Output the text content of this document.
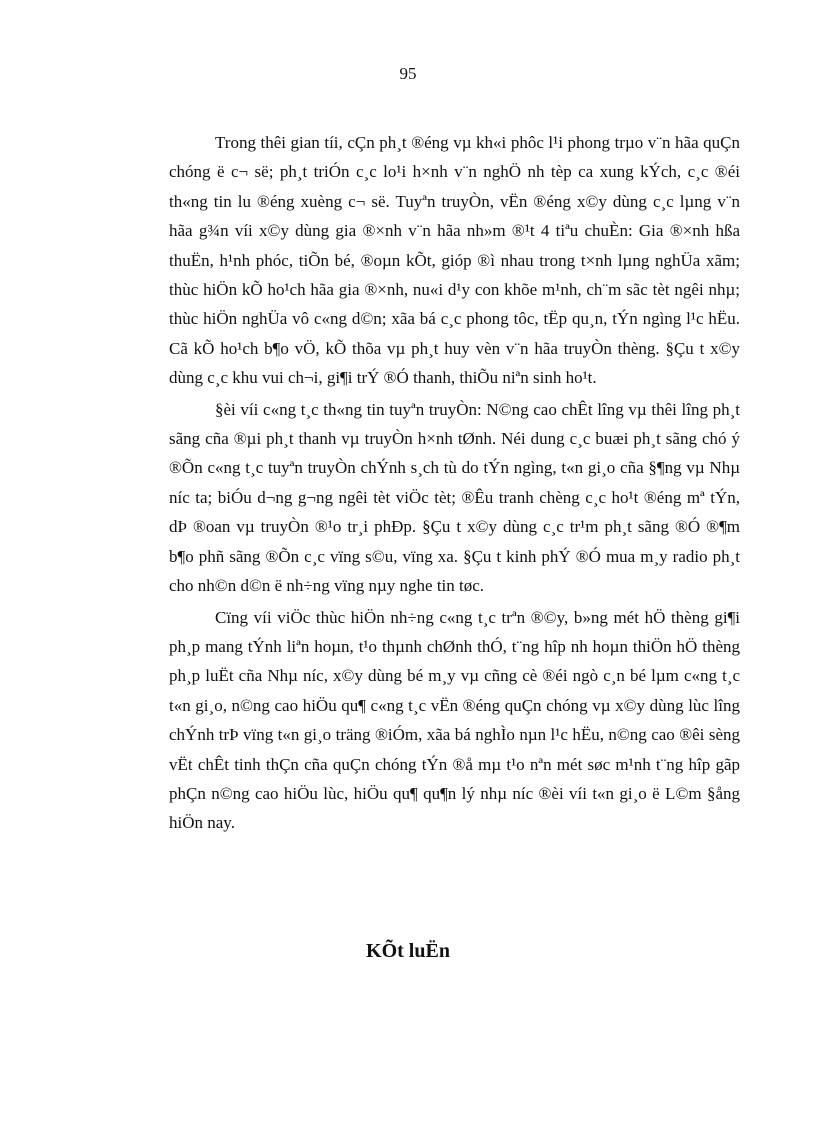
95

Trong thêi gian tíi, cÇn ph¸t ®éng vµ kh«i phôc l¹i phong trµo v¨n hãa quÇn chóng ë c¬ së; ph¸t triÓn c¸c lo¹i h×nh v¨n nghÖ nh tèp ca xung kÝch, c¸c ®éi th«ng tin lu ®éng xuèng c¬ së. Tuyªn truyÒn, vËn ®éng x©y dùng c¸c lµng v¨n hãa g¾n víi x©y dùng gia ®×nh v¨n hãa nh»m ®¹t 4 tiªu chuÈn: Gia ®×nh hßa thuËn, h¹nh phóc, tiÕn bé, ®oµn kÕt, gióp ®ì nhau trong t×nh lµng nghÜa xãm; thùc hiÖn kÕ ho¹ch hãa gia ®×nh, nu«i d¹y con khõe m¹nh, ch¨m sãc tèt ngêi nhµ; thùc hiÖn nghÜa vô c«ng d©n; xãa bá c¸c phong tôc, tËp qu¸n, tÝn ngìng l¹c hËu. Cã kÕ ho¹ch b¶o vÖ, kÕ thõa vµ ph¸t huy vèn v¨n hãa truyÒn thèng. §Çu t x©y dùng c¸c khu vui ch¬i, gi¶i trÝ ®Ó thanh, thiÕu niªn sinh ho¹t.

§èi víi c«ng t¸c th«ng tin tuyªn truyÒn: N©ng cao chÊt lîng vµ thêi lîng ph¸t sãng cña ®µi ph¸t thanh vµ truyÒn h×nh tØnh. Néi dung c¸c buæi ph¸t sãng chó ý ®Õn c«ng t¸c tuyªn truyÒn chÝnh s¸ch tù do tÝn ngìng, t«n gi¸o cña §¶ng vµ Nhµ níc ta; biÓu d¬ng g¬ng ngêi tèt viÖc tèt; ®Êu tranh chèng c¸c ho¹t ®éng mª tÝn, dÞ ®oan vµ truyÒn ®¹o tr¸i phÐp. §Çu t x©y dùng c¸c tr¹m ph¸t sãng ®Ó ®¶m b¶o phñ sãng ®Õn c¸c vïng s©u, vïng xa. §Çu t kinh phÝ ®Ó mua m¸y radio ph¸t cho nh©n d©n ë nh÷ng vïng nµy nghe tin tøc.

Cïng víi viÖc thùc hiÖn nh÷ng c«ng t¸c trªn ®©y, b»ng mét hÖ thèng gi¶i ph¸p mang tÝnh liªn hoµn, t¹o thµnh chØnh thÓ, t¨ng hîp nh hoµn thiÖn hÖ thèng ph¸p luËt cña Nhµ níc, x©y dùng bé m¸y vµ cñng cè ®éi ngò c¸n bé lµm c«ng t¸c t«n gi¸o, n©ng cao hiÖu qu¶ c«ng t¸c vËn ®éng quÇn chóng vµ x©y dùng lùc lîng chÝnh trÞ vïng t«n gi¸o träng ®iÓm, xãa bá nghÌo nµn l¹c hËu, n©ng cao ®êi sèng vËt chÊt tinh thÇn cña quÇn chóng tÝn ®å mµ t¹o nªn mét søc m¹nh t¨ng hîp gãp phÇn n©ng cao hiÖu lùc, hiÖu qu¶ qu¶n lý nhµ níc ®èi víi t«n gi¸o ë L©m §ång hiÖn nay.

KÕt luËn
